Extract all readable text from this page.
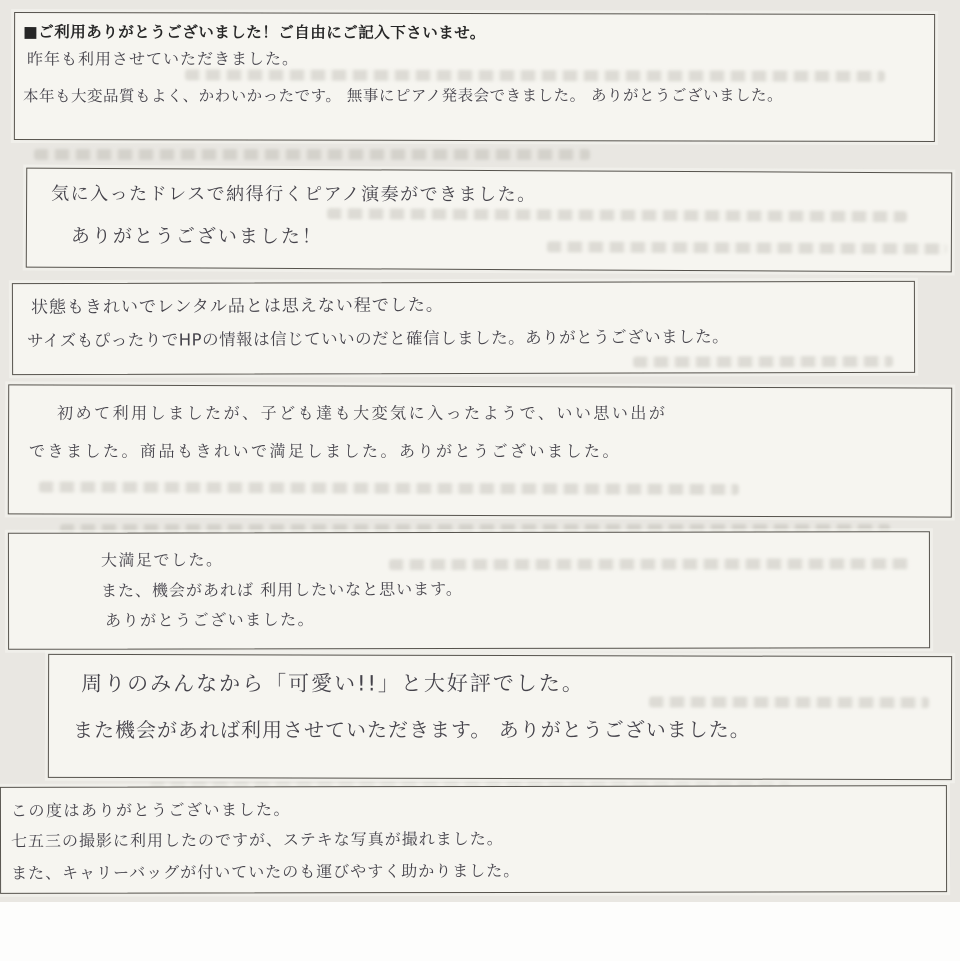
■ご利用ありがとうございました！ご自由にご記入下さいませ。
昨年も利用させていただきました。
本年も大変品質もよく、かわいかったです。 無事にピアノ発表会できました。 ありがとうございました。
気に入ったドレスで納得行くピアノ演奏ができました。
ありがとうございました！
状態もきれいでレンタル品とは思えない程でした。
サイズもぴったりでHPの情報は信じていいのだと確信しました。ありがとうございました。
初めて利用しましたが、子ども達も大変気に入ったようで、いい思い出が
できました。商品もきれいで満足しました。ありがとうございました。
大満足でした。
また、機会があれば 利用したいなと思います。
ありがとうございました。
周りのみんなから「可愛い!!」と大好評でした。
また機会があれば利用させていただきます。 ありがとうございました。
この度はありがとうございました。
七五三の撮影に利用したのですが、ステキな写真が撮れました。
また、キャリーバッグが付いていたのも運びやすく助かりました。
